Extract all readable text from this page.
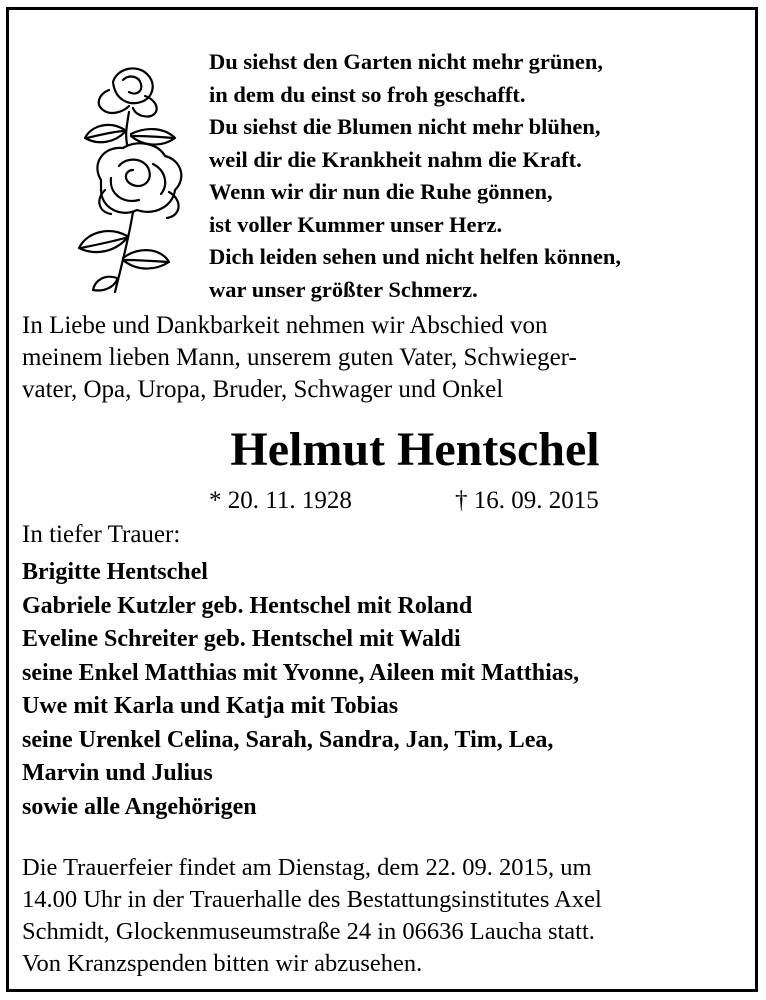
Du siehst den Garten nicht mehr grünen,
in dem du einst so froh geschafft.
Du siehst die Blumen nicht mehr blühen,
weil dir die Krankheit nahm die Kraft.
Wenn wir dir nun die Ruhe gönnen,
ist voller Kummer unser Herz.
Dich leiden sehen und nicht helfen können,
war unser größter Schmerz.
In Liebe und Dankbarkeit nehmen wir Abschied von
meinem lieben Mann, unserem guten Vater, Schwieger-
vater, Opa, Uropa, Bruder, Schwager und Onkel
Helmut Hentschel
* 20. 11. 1928	† 16. 09. 2015
In tiefer Trauer:
Brigitte Hentschel
Gabriele Kutzler geb. Hentschel mit Roland
Eveline Schreiter geb. Hentschel mit Waldi
seine Enkel Matthias mit Yvonne, Aileen mit Matthias,
Uwe mit Karla und Katja mit Tobias
seine Urenkel Celina, Sarah, Sandra, Jan, Tim, Lea,
Marvin und Julius
sowie alle Angehörigen
Die Trauerfeier findet am Dienstag, dem 22. 09. 2015, um
14.00 Uhr in der Trauerhalle des Bestattungsinstitutes Axel
Schmidt, Glockenmuseumstraße 24 in 06636 Laucha statt.
Von Kranzspenden bitten wir abzusehen.
